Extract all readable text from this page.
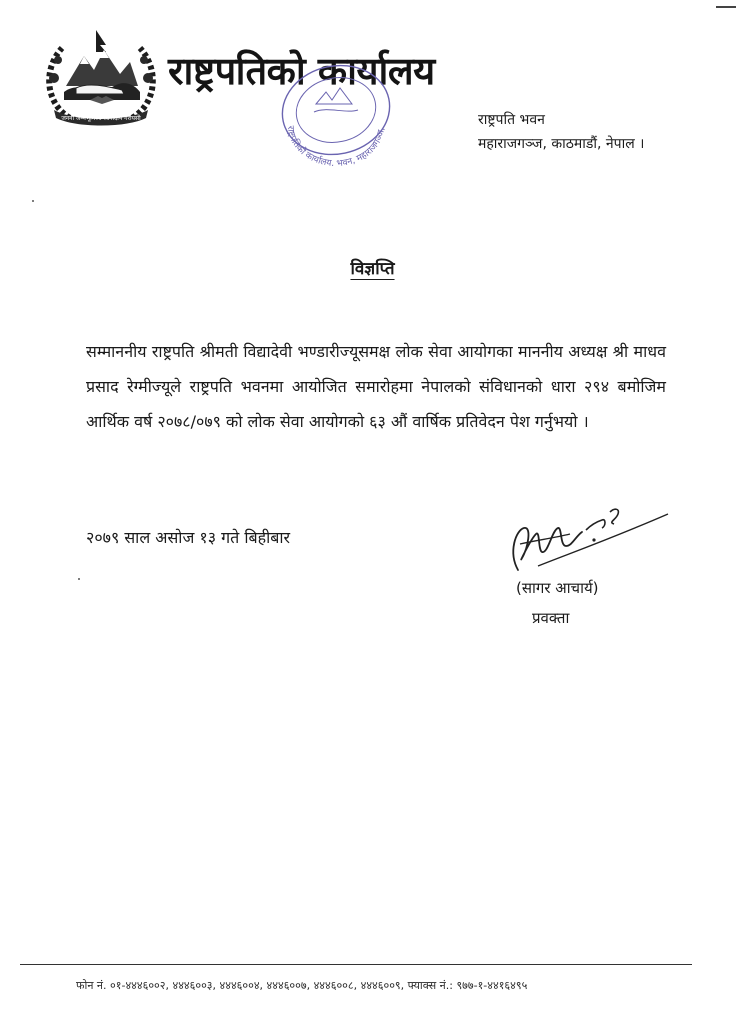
जननी जन्मभूमिश्च स्वर्गादपि गरीयसी
राष्ट्रपतिको कार्यालय
राष्ट्रपतिको कार्यालय, भवन, महाराजगञ्ज,
राष्ट्रपति भवन
महाराजगञ्ज, काठमाडौं, नेपाल ।
विज्ञप्ति
सम्माननीय राष्ट्रपति श्रीमती विद्यादेवी भण्डारीज्यूसमक्ष लोक सेवा आयोगका माननीय अध्यक्ष श्री माधव प्रसाद रेग्मीज्यूले राष्ट्रपति भवनमा आयोजित समारोहमा नेपालको संविधानको धारा २९४ बमोजिम आर्थिक वर्ष २०७८/०७९ को लोक सेवा आयोगको ६३ औं वार्षिक प्रतिवेदन पेश गर्नुभयो ।
२०७९ साल असोज १३ गते बिहीबार
(सागर आचार्य)
प्रवक्ता
फोन नं. ०१-४४४६००२, ४४४६००३, ४४४६००४, ४४४६००७, ४४४६००८, ४४४६००९, फ्याक्स नं.: ९७७-१-४४१६४९५
